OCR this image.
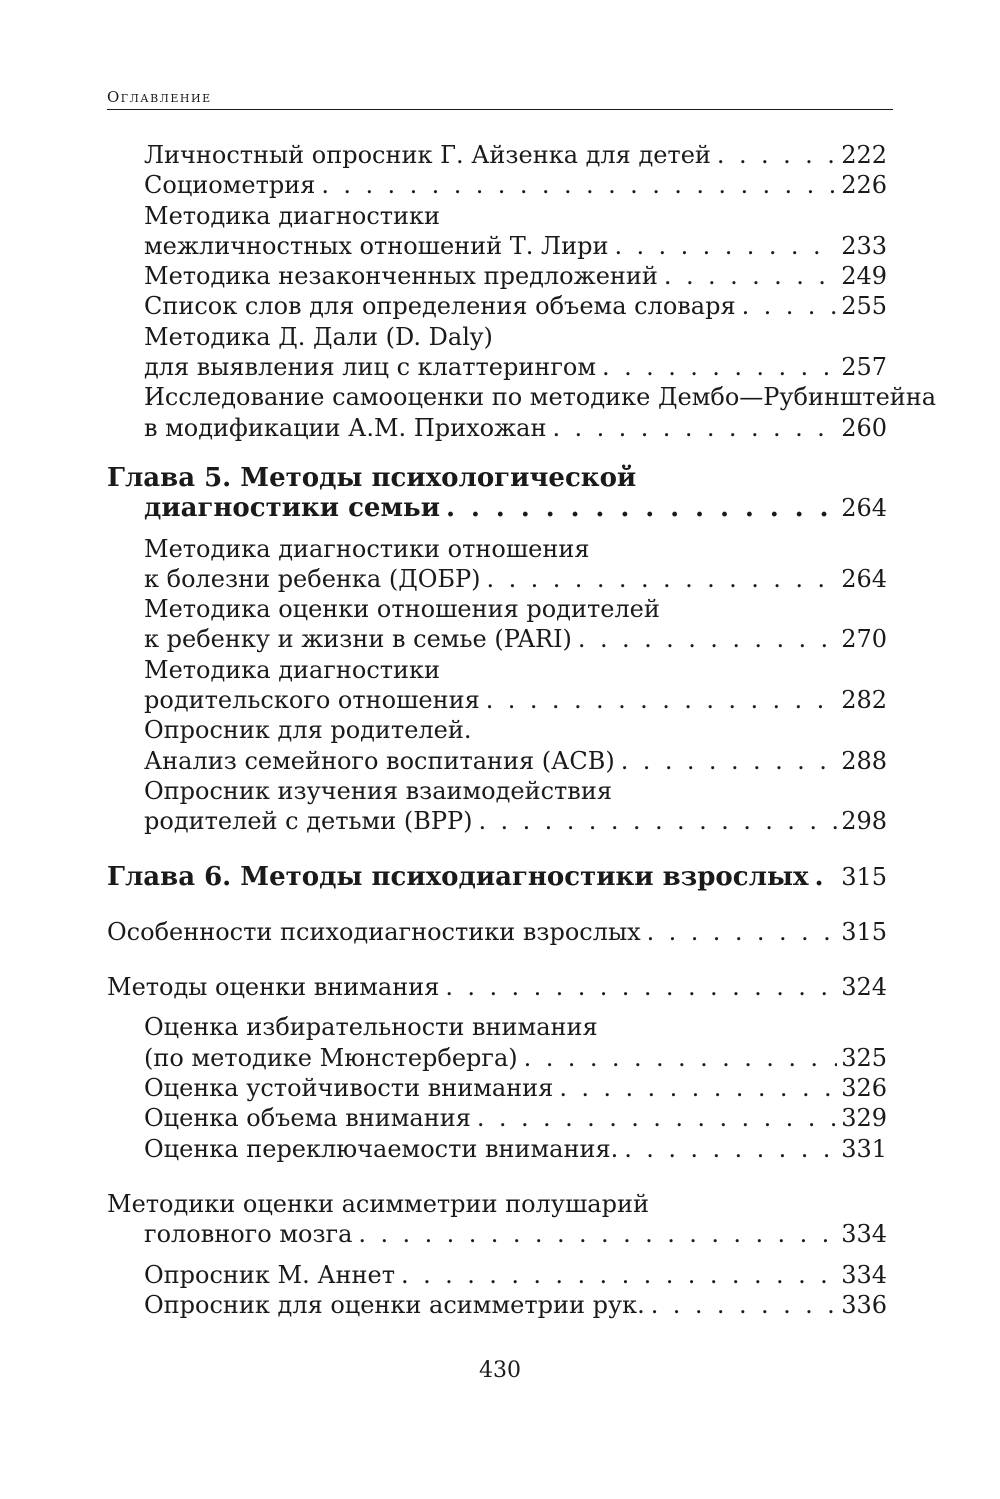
Оглавление
Личностный опросник Г. Айзенка для детей . . .	222
Социометрия . . .	226
Методика диагностики
межличностных отношений Т. Лири . . .	233
Методика незаконченных предложений . . .	249
Список слов для определения объема словаря . . .	255
Методика Д. Дали (D. Daly)
для выявления лиц с клаттерингом . . .	257
Исследование самооценки по методике Дембо—Рубинштейна
в модификации А.М. Прихожан . . .	260
Глава 5. Методы психологической
диагностики семьи . . .	264
Методика диагностики отношения
к болезни ребенка (ДОБР) . . .	264
Методика оценки отношения родителей
к ребенку и жизни в семье (PARI) . . .	270
Методика диагностики
родительского отношения . . .	282
Опросник для родителей.
Анализ семейного воспитания (АСВ) . . .	288
Опросник изучения взаимодействия
родителей с детьми (ВРР) . . .	298
Глава 6. Методы психодиагностики взрослых . . . 315
Особенности психодиагностики взрослых . . .	315
Методы оценки внимания . . .	324
Оценка избирательности внимания
(по методике Мюнстерберга) . . .	325
Оценка устойчивости внимания . . .	326
Оценка объема внимания . . .	329
Оценка переключаемости внимания. . . .	331
Методики оценки асимметрии полушарий
головного мозга . . .	334
Опросник М. Аннет . . .	334
Опросник для оценки асимметрии рук. . . .	336
430
